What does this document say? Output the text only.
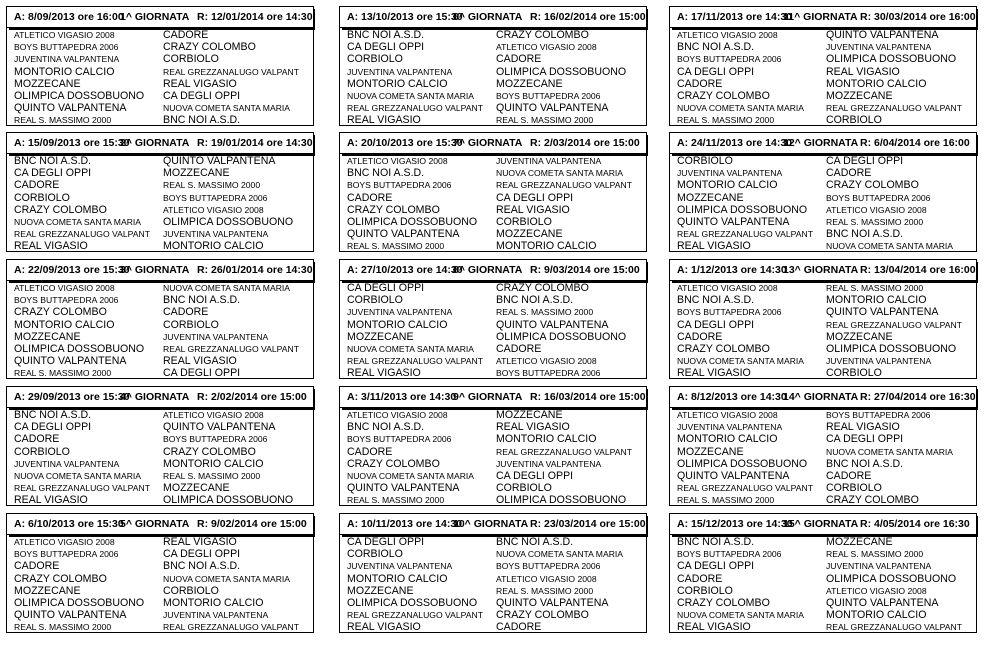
A: 8/09/2013 ore 16:00
1^ GIORNATA R: 12/01/2014 ore 14:30
ATLETICO VIGASIO 2008	CADORE
BOYS BUTTAPEDRA 2006	CRAZY COLOMBO
JUVENTINA VALPANTENA	CORBIOLO
MONTORIO CALCIO	REAL GREZZANALUGO VALPANT
MOZZECANE	REAL VIGASIO
OLIMPICA DOSSOBUONO	CA DEGLI OPPI
QUINTO VALPANTENA	NUOVA COMETA SANTA MARIA
REAL S. MASSIMO 2000	BNC NOI A.S.D.
A: 13/10/2013 ore 15:30
6^ GIORNATA R: 16/02/2014 ore 15:00
BNC NOI A.S.D.	CRAZY COLOMBO
CA DEGLI OPPI	ATLETICO VIGASIO 2008
CORBIOLO	CADORE
JUVENTINA VALPANTENA	OLIMPICA DOSSOBUONO
MONTORIO CALCIO	MOZZECANE
NUOVA COMETA SANTA MARIA	BOYS BUTTAPEDRA 2006
REAL GREZZANALUGO VALPANT	QUINTO VALPANTENA
REAL VIGASIO	REAL S. MASSIMO 2000
A: 17/11/2013 ore 14:30
11^ GIORNATA R: 30/03/2014 ore 16:00
ATLETICO VIGASIO 2008	QUINTO VALPANTENA
BNC NOI A.S.D.	JUVENTINA VALPANTENA
BOYS BUTTAPEDRA 2006	OLIMPICA DOSSOBUONO
CA DEGLI OPPI	REAL VIGASIO
CADORE	MONTORIO CALCIO
CRAZY COLOMBO	MOZZECANE
NUOVA COMETA SANTA MARIA	REAL GREZZANALUGO VALPANT
REAL S. MASSIMO 2000	CORBIOLO
A: 15/09/2013 ore 15:30
2^ GIORNATA R: 19/01/2014 ore 14:30
BNC NOI A.S.D.	QUINTO VALPANTENA
CA DEGLI OPPI	MOZZECANE
CADORE	REAL S. MASSIMO 2000
CORBIOLO	BOYS BUTTAPEDRA 2006
CRAZY COLOMBO	ATLETICO VIGASIO 2008
NUOVA COMETA SANTA MARIA	OLIMPICA DOSSOBUONO
REAL GREZZANALUGO VALPANT	JUVENTINA VALPANTENA
REAL VIGASIO	MONTORIO CALCIO
A: 20/10/2013 ore 15:30
7^ GIORNATA R: 2/03/2014 ore 15:00
ATLETICO VIGASIO 2008	JUVENTINA VALPANTENA
BNC NOI A.S.D.	NUOVA COMETA SANTA MARIA
BOYS BUTTAPEDRA 2006	REAL GREZZANALUGO VALPANT
CADORE	CA DEGLI OPPI
CRAZY COLOMBO	REAL VIGASIO
OLIMPICA DOSSOBUONO	CORBIOLO
QUINTO VALPANTENA	MOZZECANE
REAL S. MASSIMO 2000	MONTORIO CALCIO
A: 24/11/2013 ore 14:30
12^ GIORNATA R: 6/04/2014 ore 16:00
CORBIOLO	CA DEGLI OPPI
JUVENTINA VALPANTENA	CADORE
MONTORIO CALCIO	CRAZY COLOMBO
MOZZECANE	BOYS BUTTAPEDRA 2006
OLIMPICA DOSSOBUONO	ATLETICO VIGASIO 2008
QUINTO VALPANTENA	REAL S. MASSIMO 2000
REAL GREZZANALUGO VALPANT	BNC NOI A.S.D.
REAL VIGASIO	NUOVA COMETA SANTA MARIA
A: 22/09/2013 ore 15:30
3^ GIORNATA R: 26/01/2014 ore 14:30
ATLETICO VIGASIO 2008	NUOVA COMETA SANTA MARIA
BOYS BUTTAPEDRA 2006	BNC NOI A.S.D.
CRAZY COLOMBO	CADORE
MONTORIO CALCIO	CORBIOLO
MOZZECANE	JUVENTINA VALPANTENA
OLIMPICA DOSSOBUONO	REAL GREZZANALUGO VALPANT
QUINTO VALPANTENA	REAL VIGASIO
REAL S. MASSIMO 2000	CA DEGLI OPPI
A: 27/10/2013 ore 14:30
8^ GIORNATA R: 9/03/2014 ore 15:00
CA DEGLI OPPI	CRAZY COLOMBO
CORBIOLO	BNC NOI A.S.D.
JUVENTINA VALPANTENA	REAL S. MASSIMO 2000
MONTORIO CALCIO	QUINTO VALPANTENA
MOZZECANE	OLIMPICA DOSSOBUONO
NUOVA COMETA SANTA MARIA	CADORE
REAL GREZZANALUGO VALPANT	ATLETICO VIGASIO 2008
REAL VIGASIO	BOYS BUTTAPEDRA 2006
A: 1/12/2013 ore 14:30
13^ GIORNATA R: 13/04/2014 ore 16:00
ATLETICO VIGASIO 2008	REAL S. MASSIMO 2000
BNC NOI A.S.D.	MONTORIO CALCIO
BOYS BUTTAPEDRA 2006	QUINTO VALPANTENA
CA DEGLI OPPI	REAL GREZZANALUGO VALPANT
CADORE	MOZZECANE
CRAZY COLOMBO	OLIMPICA DOSSOBUONO
NUOVA COMETA SANTA MARIA	JUVENTINA VALPANTENA
REAL VIGASIO	CORBIOLO
A: 29/09/2013 ore 15:30
4^ GIORNATA R: 2/02/2014 ore 15:00
BNC NOI A.S.D.	ATLETICO VIGASIO 2008
CA DEGLI OPPI	QUINTO VALPANTENA
CADORE	BOYS BUTTAPEDRA 2006
CORBIOLO	CRAZY COLOMBO
JUVENTINA VALPANTENA	MONTORIO CALCIO
NUOVA COMETA SANTA MARIA	REAL S. MASSIMO 2000
REAL GREZZANALUGO VALPANT	MOZZECANE
REAL VIGASIO	OLIMPICA DOSSOBUONO
A: 3/11/2013 ore 14:30
9^ GIORNATA R: 16/03/2014 ore 15:00
ATLETICO VIGASIO 2008	MOZZECANE
BNC NOI A.S.D.	REAL VIGASIO
BOYS BUTTAPEDRA 2006	MONTORIO CALCIO
CADORE	REAL GREZZANALUGO VALPANT
CRAZY COLOMBO	JUVENTINA VALPANTENA
NUOVA COMETA SANTA MARIA	CA DEGLI OPPI
QUINTO VALPANTENA	CORBIOLO
REAL S. MASSIMO 2000	OLIMPICA DOSSOBUONO
A: 8/12/2013 ore 14:30
14^ GIORNATA R: 27/04/2014 ore 16:30
ATLETICO VIGASIO 2008	BOYS BUTTAPEDRA 2006
JUVENTINA VALPANTENA	REAL VIGASIO
MONTORIO CALCIO	CA DEGLI OPPI
MOZZECANE	NUOVA COMETA SANTA MARIA
OLIMPICA DOSSOBUONO	BNC NOI A.S.D.
QUINTO VALPANTENA	CADORE
REAL GREZZANALUGO VALPANT	CORBIOLO
REAL S. MASSIMO 2000	CRAZY COLOMBO
A: 6/10/2013 ore 15:30
5^ GIORNATA R: 9/02/2014 ore 15:00
ATLETICO VIGASIO 2008	REAL VIGASIO
BOYS BUTTAPEDRA 2006	CA DEGLI OPPI
CADORE	BNC NOI A.S.D.
CRAZY COLOMBO	NUOVA COMETA SANTA MARIA
MOZZECANE	CORBIOLO
OLIMPICA DOSSOBUONO	MONTORIO CALCIO
QUINTO VALPANTENA	JUVENTINA VALPANTENA
REAL S. MASSIMO 2000	REAL GREZZANALUGO VALPANT
A: 10/11/2013 ore 14:30
10^ GIORNATA R: 23/03/2014 ore 15:00
CA DEGLI OPPI	BNC NOI A.S.D.
CORBIOLO	NUOVA COMETA SANTA MARIA
JUVENTINA VALPANTENA	BOYS BUTTAPEDRA 2006
MONTORIO CALCIO	ATLETICO VIGASIO 2008
MOZZECANE	REAL S. MASSIMO 2000
OLIMPICA DOSSOBUONO	QUINTO VALPANTENA
REAL GREZZANALUGO VALPANT	CRAZY COLOMBO
REAL VIGASIO	CADORE
A: 15/12/2013 ore 14:30
15^ GIORNATA R: 4/05/2014 ore 16:30
BNC NOI A.S.D.	MOZZECANE
BOYS BUTTAPEDRA 2006	REAL S. MASSIMO 2000
CA DEGLI OPPI	JUVENTINA VALPANTENA
CADORE	OLIMPICA DOSSOBUONO
CORBIOLO	ATLETICO VIGASIO 2008
CRAZY COLOMBO	QUINTO VALPANTENA
NUOVA COMETA SANTA MARIA	MONTORIO CALCIO
REAL VIGASIO	REAL GREZZANALUGO VALPANT
